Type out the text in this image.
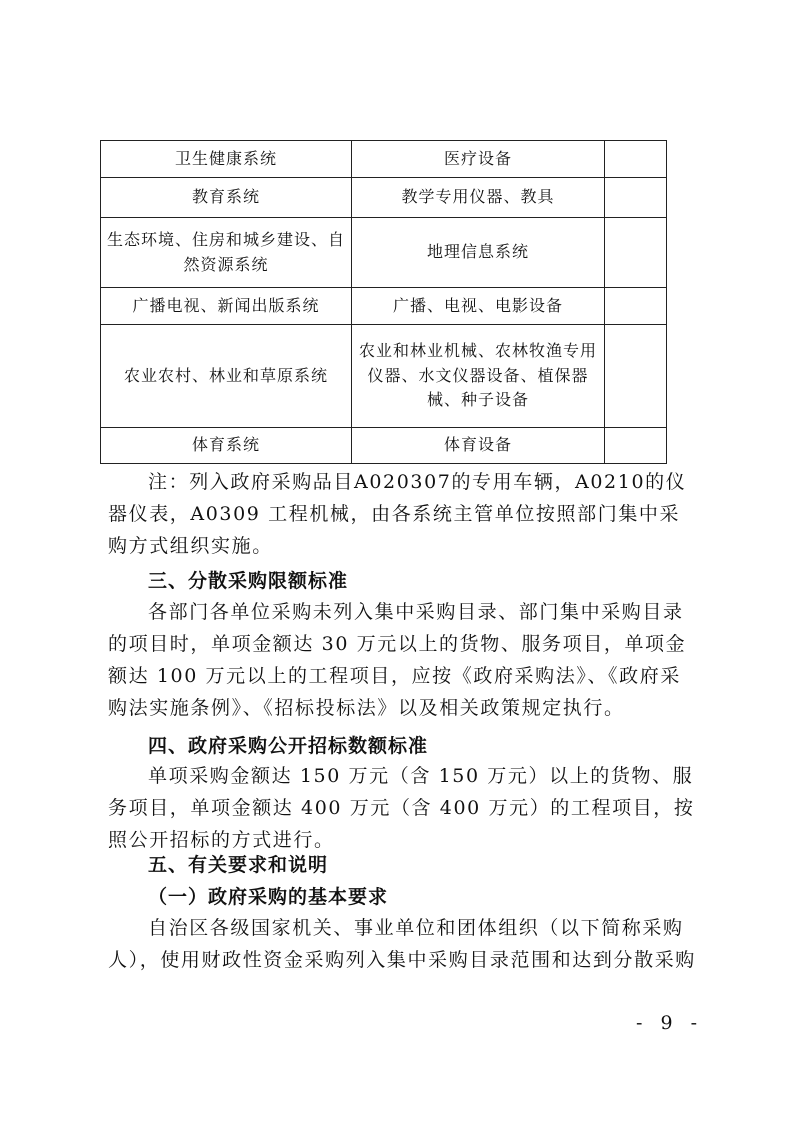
卫生健康系统	医疗设备	
教育系统	教学专用仪器、教具	
生态环境、住房和城乡建设、自然资源系统	地理信息系统	
广播电视、新闻出版系统	广播、电视、电影设备	
农业农村、林业和草原系统	农业和林业机械、农林牧渔专用仪器、水文仪器设备、植保器械、种子设备	
体育系统	体育设备	

注：列入政府采购品目A020307的专用车辆，A0210的仪器仪表，A0309 工程机械，由各系统主管单位按照部门集中采购方式组织实施。

三、分散采购限额标准

各部门各单位采购未列入集中采购目录、部门集中采购目录的项目时，单项金额达 30 万元以上的货物、服务项目，单项金额达 100 万元以上的工程项目，应按《政府采购法》、《政府采购法实施条例》、《招标投标法》以及相关政策规定执行。

四、政府采购公开招标数额标准

单项采购金额达 150 万元（含 150 万元）以上的货物、服务项目，单项金额达 400 万元（含 400 万元）的工程项目，按照公开招标的方式进行。

五、有关要求和说明
（一）政府采购的基本要求

自治区各级国家机关、事业单位和团体组织（以下简称采购人），使用财政性资金采购列入集中采购目录范围和达到分散采购

- 9 -
